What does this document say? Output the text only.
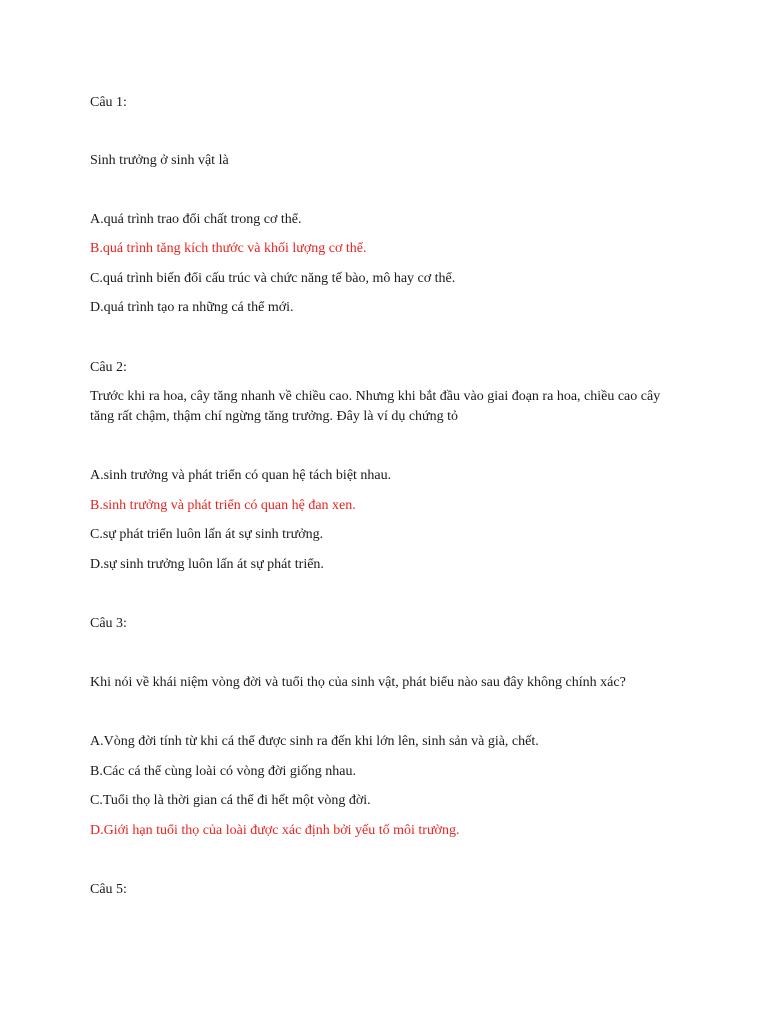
Câu 1:
Sinh trưởng ở sinh vật là
A.quá trình trao đổi chất trong cơ thể.
B.quá trình tăng kích thước và khối lượng cơ thể.
C.quá trình biến đổi cấu trúc và chức năng tế bào, mô hay cơ thể.
D.quá trình tạo ra những cá thể mới.
Câu 2:
Trước khi ra hoa, cây tăng nhanh về chiều cao. Nhưng khi bắt đầu vào giai đoạn ra hoa, chiều cao cây tăng rất chậm, thậm chí ngừng tăng trưởng. Đây là ví dụ chứng tỏ
A.sinh trưởng và phát triển có quan hệ tách biệt nhau.
B.sinh trưởng và phát triển có quan hệ đan xen.
C.sự phát triển luôn lấn át sự sinh trưởng.
D.sự sinh trưởng luôn lấn át sự phát triển.
Câu 3:
Khi nói về khái niệm vòng đời và tuổi thọ của sinh vật, phát biểu nào sau đây không chính xác?
A.Vòng đời tính từ khi cá thể được sinh ra đến khi lớn lên, sinh sản và già, chết.
B.Các cá thể cùng loài có vòng đời giống nhau.
C.Tuổi thọ là thời gian cá thể đi hết một vòng đời.
D.Giới hạn tuổi thọ của loài được xác định bởi yếu tố môi trường.
Câu 5:
